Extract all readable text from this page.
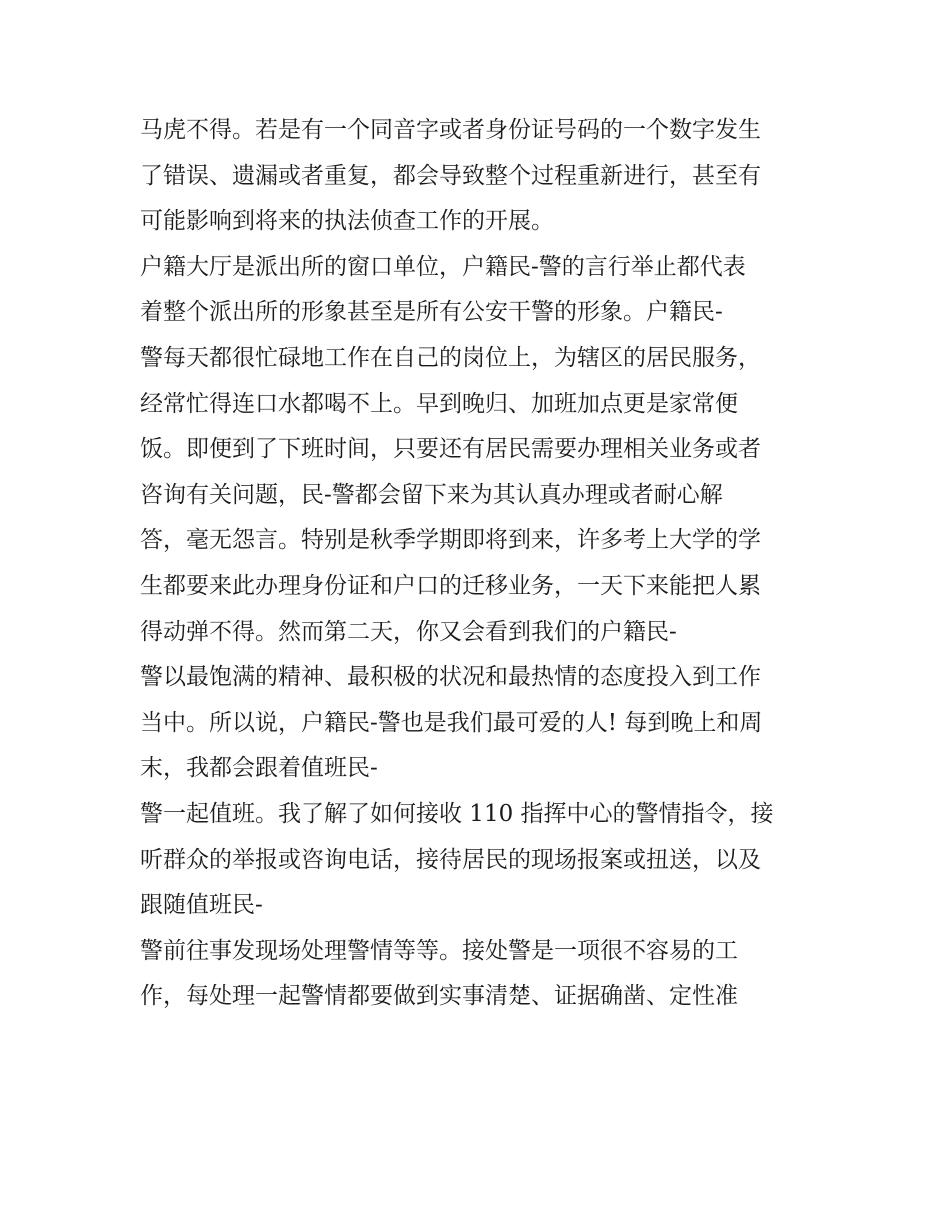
马虎不得。若是有一个同音字或者身份证号码的一个数字发生
了错误、遗漏或者重复，都会导致整个过程重新进行，甚至有
可能影响到将来的执法侦查工作的开展。
户籍大厅是派出所的窗口单位，户籍民-警的言行举止都代表
着整个派出所的形象甚至是所有公安干警的形象。户籍民-
警每天都很忙碌地工作在自己的岗位上，为辖区的居民服务，
经常忙得连口水都喝不上。早到晚归、加班加点更是家常便
饭。即便到了下班时间，只要还有居民需要办理相关业务或者
咨询有关问题，民-警都会留下来为其认真办理或者耐心解
答，毫无怨言。特别是秋季学期即将到来，许多考上大学的学
生都要来此办理身份证和户口的迁移业务，一天下来能把人累
得动弹不得。然而第二天，你又会看到我们的户籍民-
警以最饱满的精神、最积极的状况和最热情的态度投入到工作
当中。所以说，户籍民-警也是我们最可爱的人! 每到晚上和周
末，我都会跟着值班民-
警一起值班。我了解了如何接收 110 指挥中心的警情指令，接
听群众的举报或咨询电话，接待居民的现场报案或扭送，以及
跟随值班民-
警前往事发现场处理警情等等。接处警是一项很不容易的工
作，每处理一起警情都要做到实事清楚、证据确凿、定性准
